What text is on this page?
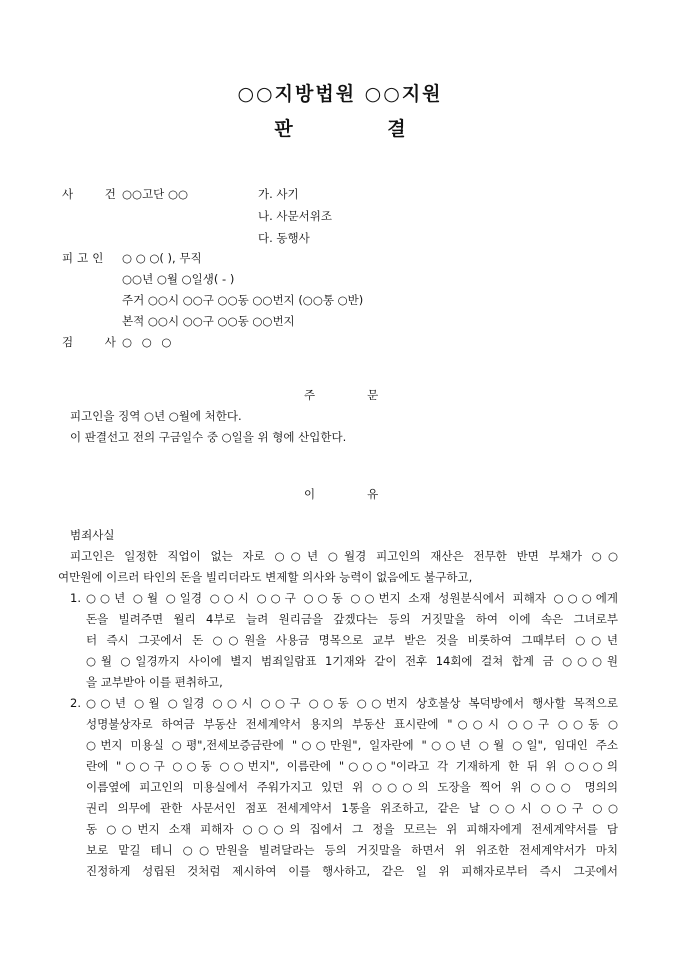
○○지방법원 ○○지원
판 결
사 건
○○고단 ○○	가. 사기
나. 사문서위조
다. 동행사
피고인 ○ ○ ○( ), 무직
○○년 ○월 ○일생( - )
주거 ○○시 ○○구 ○○동 ○○번지 (○○통 ○반)
본적 ○○시 ○○구 ○○동 ○○번지
검 사
○ ○ ○
주문
피고인을 징역 ○년 ○월에 처한다.
이 판결선고 전의 구금일수 중 ○일을 위 형에 산입한다.
이유
범죄사실
피고인은 일정한 직업이 없는 자로 ○○년 ○월경 피고인의 재산은 전무한 반면 부채가 ○○
여만원에 이르러 타인의 돈을 빌리더라도 변제할 의사와 능력이 없음에도 불구하고,
1. ○○년 ○월 ○일경 ○○시 ○○구 ○○동 ○○번지 소재 성원분식에서 피해자 ○○○에게
돈을 빌려주면 월리 4부로 늘려 원리금을 갚겠다는 등의 거짓말을 하여 이에 속은 그녀로부
터 즉시 그곳에서 돈 ○○원을 사용금 명목으로 교부 받은 것을 비롯하여 그때부터 ○○년
○월 ○일경까지 사이에 별지 범죄일람표 1기재와 같이 전후 14회에 걸쳐 합계 금 ○○○원
을 교부받아 이를 편취하고,
2. ○○년 ○월 ○일경 ○○시 ○○구 ○○동 ○○번지 상호불상 복덕방에서 행사할 목적으로
성명불상자로 하여금 부동산 전세계약서 용지의 부동산 표시란에 "○○시 ○○구 ○○동 ○
○번지 미용실 ○평",전세보증금란에 "○○만원", 일자란에 "○○년 ○월 ○일", 임대인 주소
란에 "○○구 ○○동 ○○번지", 이름란에 "○○○"이라고 각 기재하게 한 뒤 위 ○○○의
이름옆에 피고인의 미용실에서 주워가지고 있던 위 ○○○의 도장을 찍어 위 ○○○ 명의의
권리 의무에 관한 사문서인 점포 전세계약서 1통을 위조하고, 같은 날 ○○시 ○○구 ○○
동 ○○번지 소재 피해자 ○○○의 집에서 그 정을 모르는 위 피해자에게 전세계약서를 담
보로 맡길 테니 ○○만원을 빌려달라는 등의 거짓말을 하면서 위 위조한 전세계약서가 마치
진정하게 성립된 것처럼 제시하여 이를 행사하고, 같은 일 위 피해자로부터 즉시 그곳에서
